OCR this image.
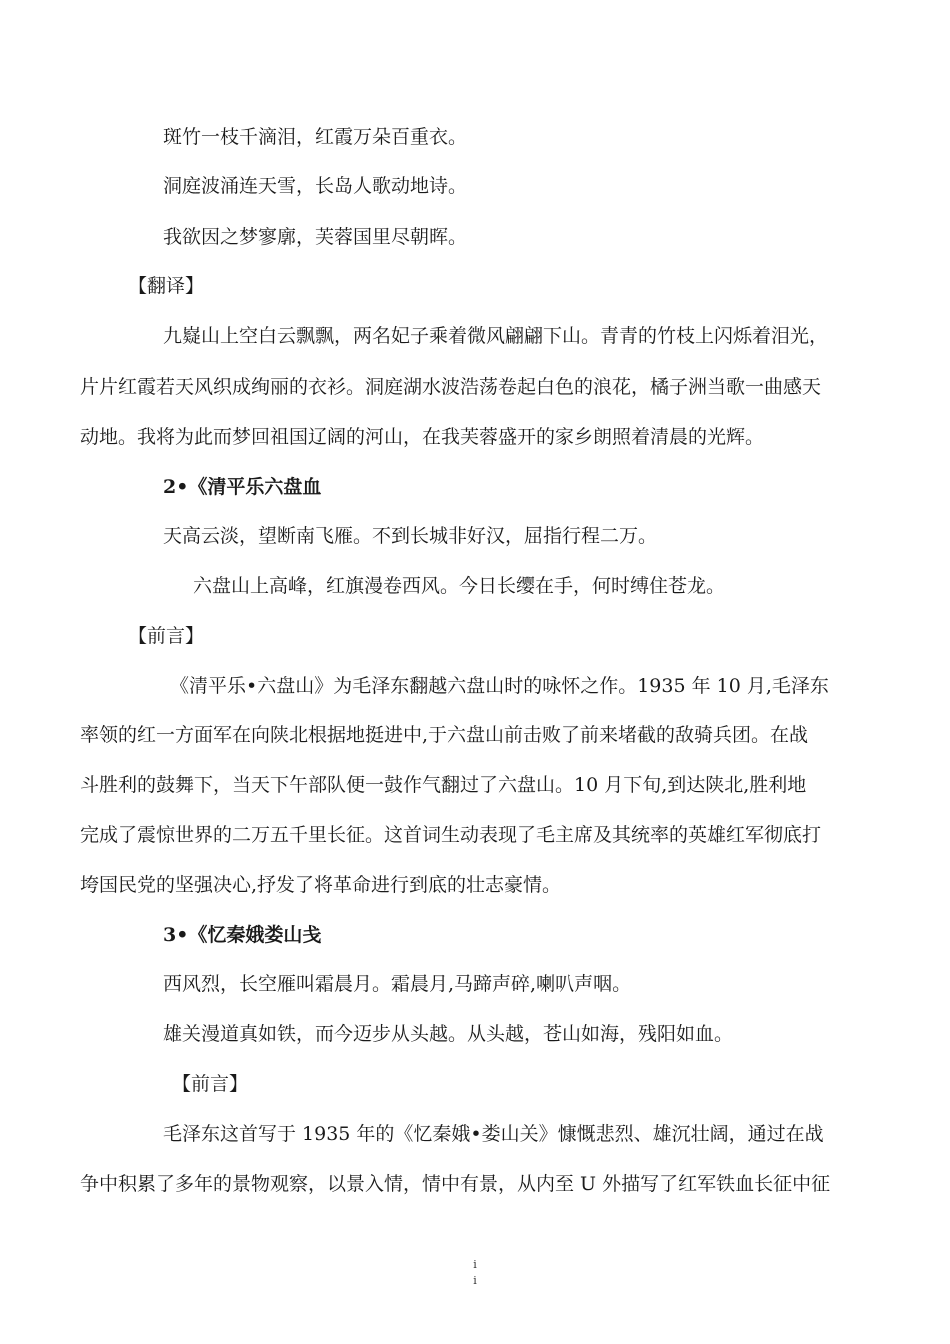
斑竹一枝千滴泪，红霞万朵百重衣。
洞庭波涌连天雪，长岛人歌动地诗。
我欲因之梦寥廓，芙蓉国里尽朝晖。
【翻译】
九嶷山上空白云飘飘，两名妃子乘着微风翩翩下山。青青的竹枝上闪烁着泪光，
片片红霞若天风织成绚丽的衣衫。洞庭湖水波浩荡卷起白色的浪花，橘子洲当歌一曲感天
动地。我将为此而梦回祖国辽阔的河山，在我芙蓉盛开的家乡朗照着清晨的光辉。
2•《清平乐六盘血
天高云淡，望断南飞雁。不到长城非好汉，屈指行程二万。
六盘山上高峰，红旗漫卷西风。今日长缨在手，何时缚住苍龙。
【前言】
《清平乐•六盘山》为毛泽东翻越六盘山时的咏怀之作。1935 年 10 月,毛泽东
率领的红一方面军在向陕北根据地挺进中,于六盘山前击败了前来堵截的敌骑兵团。在战
斗胜利的鼓舞下，当天下午部队便一鼓作气翻过了六盘山。10 月下旬,到达陕北,胜利地
完成了震惊世界的二万五千里长征。这首词生动表现了毛主席及其统率的英雄红军彻底打
垮国民党的坚强决心,抒发了将革命进行到底的壮志豪情。
3•《忆秦娥娄山戋
西风烈，长空雁叫霜晨月。霜晨月,马蹄声碎,喇叭声咽。
雄关漫道真如铁，而今迈步从头越。从头越，苍山如海，残阳如血。
【前言】
毛泽东这首写于 1935 年的《忆秦娥•娄山关》慷慨悲烈、雄沉壮阔，通过在战
争中积累了多年的景物观察，以景入情，情中有景，从内至 U 外描写了红军铁血长征中征
i
i
